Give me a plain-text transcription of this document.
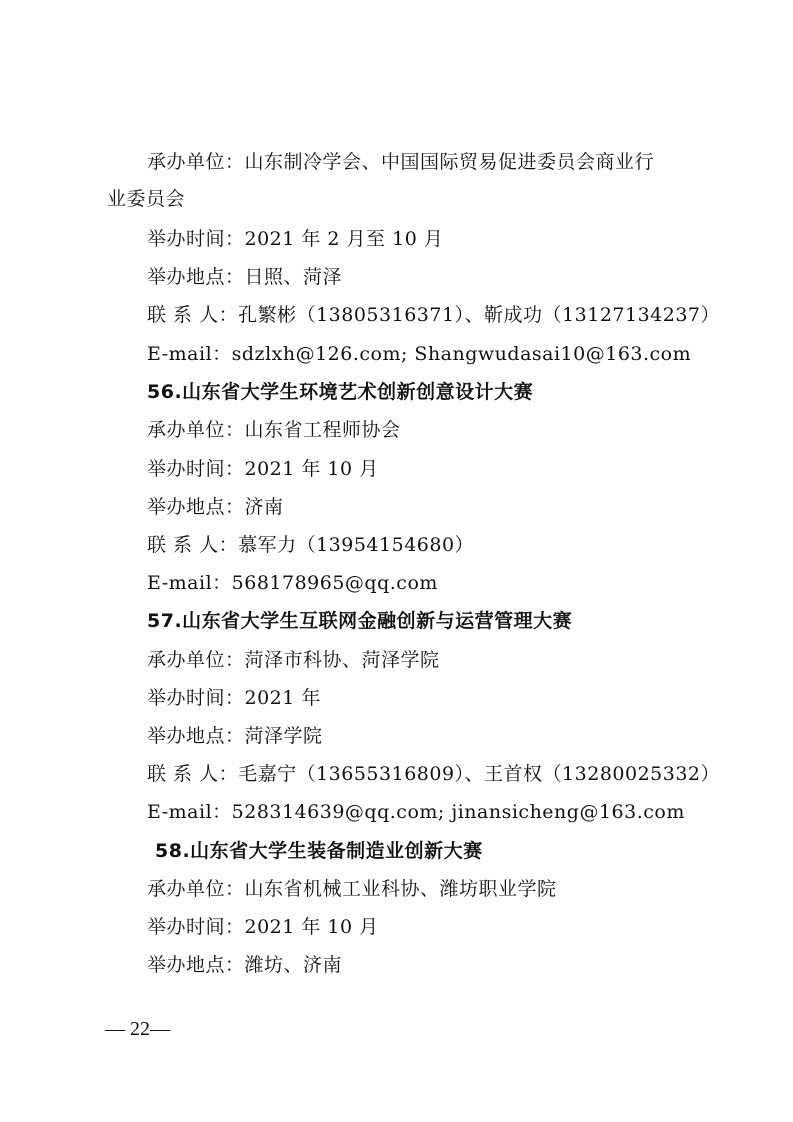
承办单位：山东制冷学会、中国国际贸易促进委员会商业行
业委员会
举办时间：2021 年 2 月至 10 月
举办地点：日照、菏泽
联 系 人：孔繁彬（13805316371）、靳成功（13127134237）
E-mail：sdzlxh@126.com; Shangwudasai10@163.com
56.山东省大学生环境艺术创新创意设计大赛
承办单位：山东省工程师协会
举办时间：2021 年 10 月
举办地点：济南
联 系 人：慕军力（13954154680）
E-mail：568178965@qq.com
57.山东省大学生互联网金融创新与运营管理大赛
承办单位：菏泽市科协、菏泽学院
举办时间：2021 年
举办地点：菏泽学院
联 系 人：毛嘉宁（13655316809）、王首权（13280025332）
E-mail：528314639@qq.com; jinansicheng@163.com
58.山东省大学生装备制造业创新大赛
承办单位：山东省机械工业科协、潍坊职业学院
举办时间：2021 年 10 月
举办地点：潍坊、济南
— 22—
